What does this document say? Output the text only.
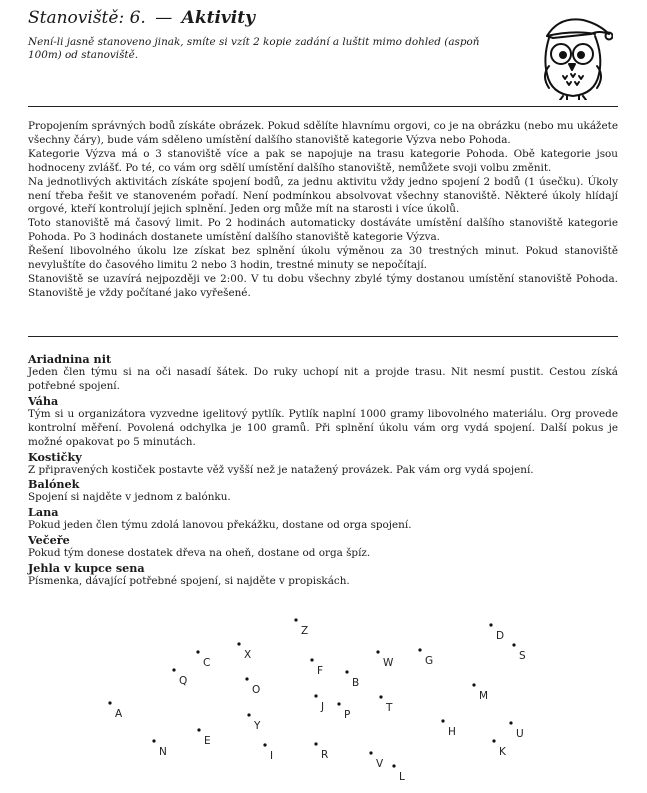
Stanoviště: 6. — Aktivity
Není-li jasně stanoveno jinak, smíte si vzít 2 kopie zadání a luštit mimo dohled (aspoň 100m) od stanoviště.

Propojením správných bodů získáte obrázek. Pokud sdělíte hlavnímu orgovi, co je na obrázku (nebo mu ukážete všechny čáry), bude vám sděleno umístění dalšího stanoviště kategorie Výzva nebo Pohoda.

Kategorie Výzva má o 3 stanoviště více a pak se napojuje na trasu kategorie Pohoda. Obě kategorie jsou hodnoceny zvlášť. Po té, co vám org sdělí umístění dalšího stanoviště, nemůžete svoji volbu změnit.

Na jednotlivých aktivitách získáte spojení bodů, za jednu aktivitu vždy jedno spojení 2 bodů (1 úsečku). Úkoly není třeba řešit ve stanoveném pořadí. Není podmínkou absolvovat všechny stanoviště. Některé úkoly hlídají orgové, kteří kontrolují jejich splnění. Jeden org může mít na starosti i více úkolů.

Toto stanoviště má časový limit. Po 2 hodinách automaticky dostáváte umístění dalšího stanoviště kategorie Pohoda. Po 3 hodinách dostanete umístění dalšího stanoviště kategorie Výzva.

Řešení libovolného úkolu lze získat bez splnění úkolu výměnou za 30 trestných minut. Pokud stanoviště nevyluštíte do časového limitu 2 nebo 3 hodin, trestné minuty se nepočítají.

Stanoviště se uzavírá nejpozději ve 2:00. V tu dobu všechny zbylé týmy dostanou umístění stanoviště Pohoda. Stanoviště je vždy počítané jako vyřešené.

Ariadnina nit
Jeden člen týmu si na oči nasadí šátek. Do ruky uchopí nit a projde trasu. Nit nesmí pustit. Cestou získá potřebné spojení.
Váha
Tým si u organizátora vyzvedne igelitový pytlík. Pytlík naplní 1000 gramy libovolného materiálu. Org provede kontrolní měření. Povolená odchylka je 100 gramů. Při splnění úkolu vám org vydá spojení. Další pokus je možné opakovat po 5 minutách.
Kostičky
Z připravených kostiček postavte věž vyšší než je natažený provázek. Pak vám org vydá spojení.
Balónek
Spojení si najděte v jednom z balónku.
Lana
Pokud jeden člen týmu zdolá lanovou překážku, dostane od orga spojení.
Večeře
Pokud tým donese dostatek dřeva na oheň, dostane od orga špíz.
Jehla v kupce sena
Písmenka, dávající potřebné spojení, si najděte v propiskách.
Z	D
S
X
C	W	G
F
Q
O
B
M
J
P
T
A
Y	H	U
E
N	I	R	K
V
L
